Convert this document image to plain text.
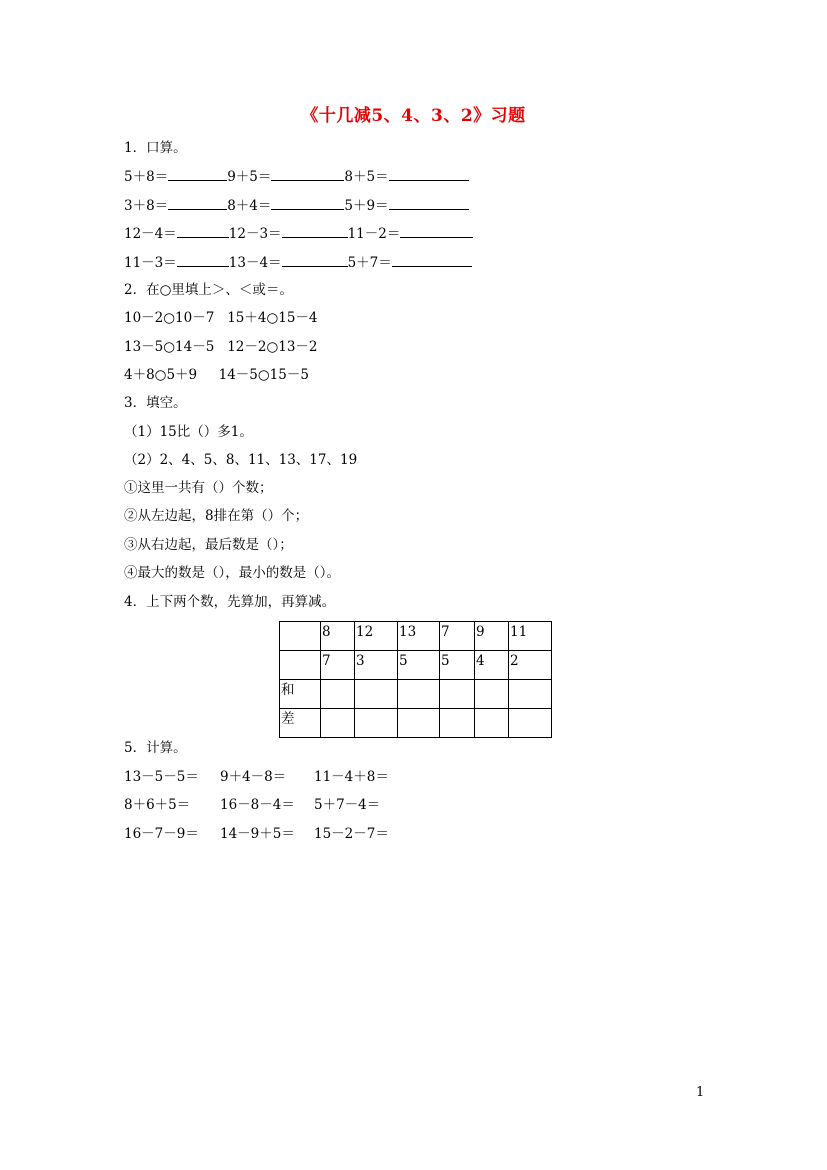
《十几减5、4、3、2》习题
1．口算。
5＋8＝	9＋5＝	8＋5＝
3＋8＝	8＋4＝	5＋9＝
12－4＝	12－3＝	11－2＝
11－3＝	13－4＝	5＋7＝
2．在○里填上＞、＜或＝。
10－2○10－7 15＋4○15－4
13－5○14－5 12－2○13－2
4＋8○5＋9 14－5○15－5
3．填空。
（1）15比（）多1。
（2）2、4、5、8、11、13、17、19
①这里一共有（）个数；
②从左边起，8排在第（）个；
③从右边起，最后数是（）；
④最大的数是（），最小的数是（）。
4．上下两个数，先算加，再算减。
	8	12	13	7	9	11
	7	3	5	5	4	2
和						
差						
5．计算。
13－5－5＝ 9＋4－8＝ 11－4＋8＝
8＋6＋5＝ 16－8－4＝ 5＋7－4＝
16－7－9＝ 14－9＋5＝ 15－2－7＝
1
